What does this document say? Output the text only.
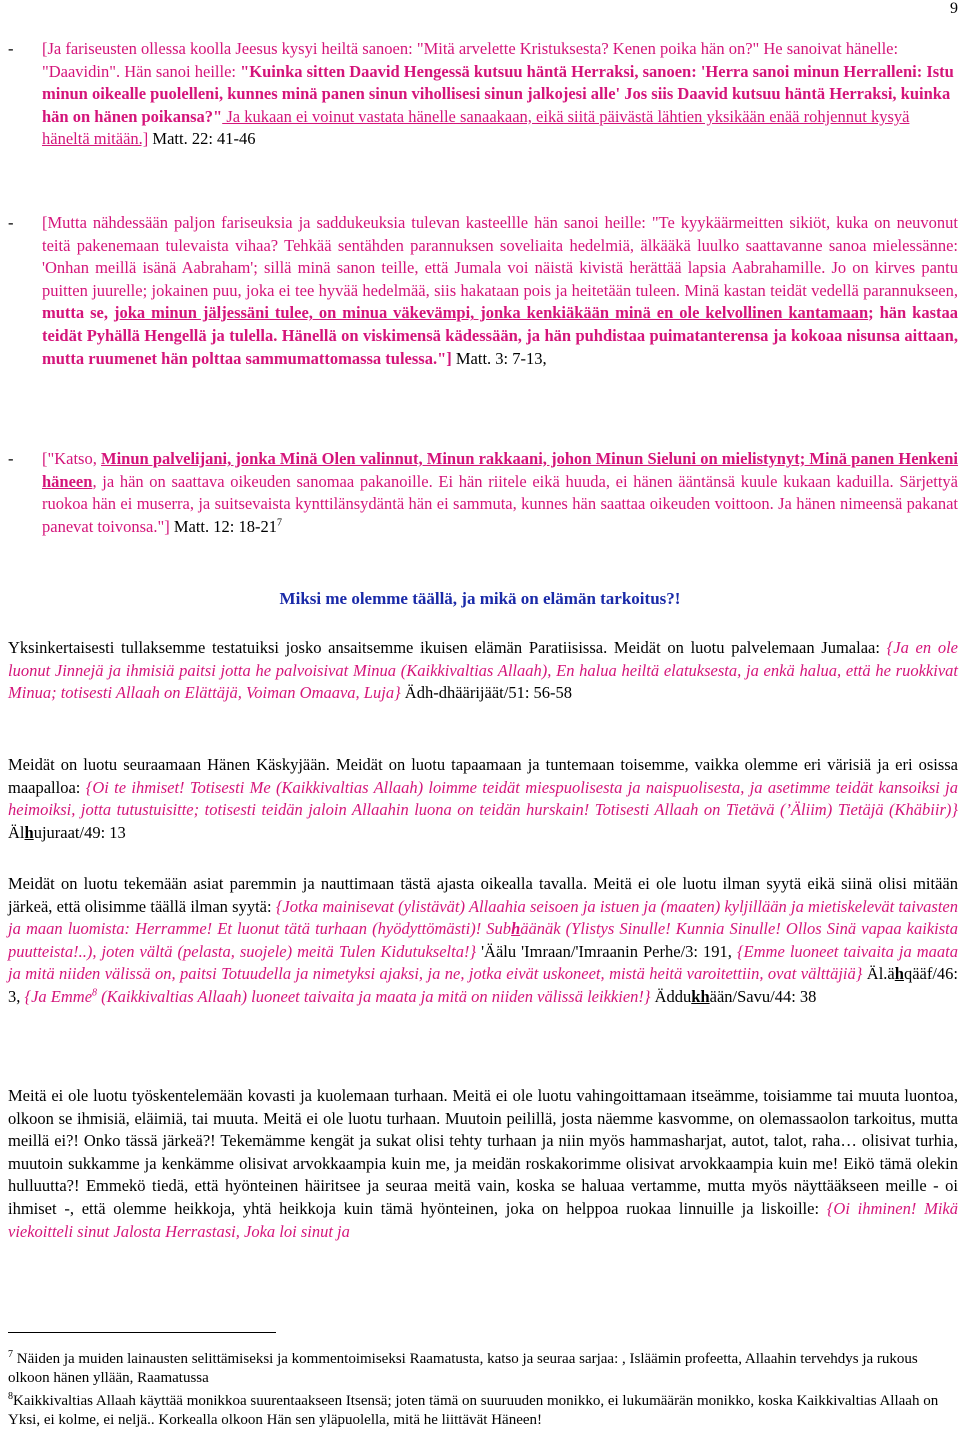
9
- [Ja fariseusten ollessa koolla Jeesus kysyi heiltä sanoen: "Mitä arvelette Kristuksesta? Kenen poika hän on?" He sanoivat hänelle: "Daavidin". Hän sanoi heille: "Kuinka sitten Daavid Hengessä kutsuu häntä Herraksi, sanoen: 'Herra sanoi minun Herralleni: Istu minun oikealle puolelleni, kunnes minä panen sinun vihollisesi sinun jalkojesi alle' Jos siis Daavid kutsuu häntä Herraksi, kuinka hän on hänen poikansa?" Ja kukaan ei voinut vastata hänelle sanaakaan, eikä siitä päivästä lähtien yksikään enää rohjennut kysyä häneltä mitään.] Matt. 22: 41-46
- [Mutta nähdessään paljon fariseuksia ja saddukeuksia tulevan kasteellle hän sanoi heille: "Te kyykäärmeitten sikiöt, kuka on neuvonut teitä pakenemaan tulevaista vihaa? Tehkää sentähden parannuksen soveliaita hedelmiä, älkääkä luulko saattavanne sanoa mielessänne: 'Onhan meillä isänä Aabraham'; sillä minä sanon teille, että Jumala voi näistä kivistä herättää lapsia Aabrahamille. Jo on kirves pantu puitten juurelle; jokainen puu, joka ei tee hyvää hedelmää, siis hakataan pois ja heitetään tuleen. Minä kastan teidät vedellä parannukseen, mutta se, joka minun jäljessäni tulee, on minua väkevämpi, jonka kenkiäkään minä en ole kelvollinen kantamaan; hän kastaa teidät Pyhällä Hengellä ja tulella. Hänellä on viskimensä kädessään, ja hän puhdistaa puimatanterensa ja kokoaa nisunsa aittaan, mutta ruumenet hän polttaa sammumattomassa tulessa."] Matt. 3: 7-13,
- ["Katso, Minun palvelijani, jonka Minä Olen valinnut, Minun rakkaani, johon Minun Sieluni on mielistynyt; Minä panen Henkeni häneen, ja hän on saattava oikeuden sanomaa pakanoille. Ei hän riitele eikä huuda, ei hänen ääntänsä kuule kukaan kaduilla. Särjettyä ruokoa hän ei muserra, ja suitsevaista kynttilänsydäntä hän ei sammuta, kunnes hän saattaa oikeuden voittoon. Ja hänen nimeensä pakanat panevat toivonsa."] Matt. 12: $18-21^7$
Miksi me olemme täällä, ja mikä on elämän tarkoitus?!
Yksinkertaisesti tullaksemme testatuiksi josko ansaitsemme ikuisen elämän Paratiisissa. Meidät on luotu palvelemaan Jumalaa: {Ja en ole luonut Jinnejä ja ihmisiä paitsi jotta he palvoisivat Minua (Kaikkivaltias Allaah), En halua heiltä elatuksesta, ja enkä halua, että he ruokkivat Minua; totisesti Allaah on Elättäjä, Voiman Omaava, Luja} Ädh-dhäärijäät/51: 56-58
Meidät on luotu seuraamaan Hänen Käskyjään. Meidät on luotu tapaamaan ja tuntemaan toisemme, vaikka olemme eri värisiä ja eri osissa maapalloa: {Oi te ihmiset! Totisesti Me (Kaikkivaltias Allaah) loimme teidät miespuolisesta ja naispuolisesta, ja asetimme teidät kansoiksi ja heimoiksi, jotta tutustuisitte; totisesti teidän jaloin Allaahin luona on teidän hurskain! Totisesti Allaah on Tietävä (’Äliim) Tietäjä (Khäbiir)} Älhujuraat/49: 13
Meidät on luotu tekemään asiat paremmin ja nauttimaan tästä ajasta oikealla tavalla. Meitä ei ole luotu ilman syytä eikä siinä olisi mitään järkeä, että olisimme täällä ilman syytä: {Jotka mainisevat (ylistävät) Allaahia seisoen ja istuen ja (maaten) kyljillään ja mietiskelevät taivasten ja maan luomista: Herramme! Et luonut tätä turhaan (hyödyttömästi)! Subhäänäk (Ylistys Sinulle! Kunnia Sinulle! Ollos Sinä vapaa kaikista puutteista!..), joten vältä (pelasta, suojele) meitä Tulen Kidutukselta!} 'Äälu 'Imraan/'Imraanin Perhe/3: 191, {Emme luoneet taivaita ja maata ja mitä niiden välissä on, paitsi Totuudella ja nimetyksi ajaksi, ja ne, jotka eivät uskoneet, mistä heitä varoitettiin, ovat välttäjiä} Äl.ähqääf/46: 3, {Ja Emme$^8$ (Kaikkivaltias Allaah) luoneet taivaita ja maata ja mitä on niiden välissä leikkien!} Äddukhään/Savu/44: 38
Meitä ei ole luotu työskentelemään kovasti ja kuolemaan turhaan. Meitä ei ole luotu vahingoittamaan itseämme, toisiamme tai muuta luontoa, olkoon se ihmisiä, eläimiä, tai muuta. Meitä ei ole luotu turhaan. Muutoin peilillä, josta näemme kasvomme, on olemassaolon tarkoitus, mutta meillä ei?! Onko tässä järkeä?! Tekemämme kengät ja sukat olisi tehty turhaan ja niin myös hammasharjat, autot, talot, raha… olisivat turhia, muutoin sukkamme ja kenkämme olisivat arvokkaampia kuin me, ja meidän roskakorimme olisivat arvokkaampia kuin me! Eikö tämä olekin hulluutta?! Emmekö tiedä, että hyönteinen häiritsee ja seuraa meitä vain, koska se haluaa vertamme, mutta myös näyttääkseen meille - oi ihmiset -, että olemme heikkoja, yhtä heikkoja kuin tämä hyönteinen, joka on helppoa ruokaa linnuille ja liskoille: {Oi ihminen! Mikä viekoitteli sinut Jalosta Herrastasi, Joka loi sinut ja
$^7$ Näiden ja muiden lainausten selittämiseksi ja kommentoimiseksi Raamatusta, katso ja seuraa sarjaa: , Isläämin profeetta, Allaahin tervehdys ja rukous olkoon hänen yllään, Raamatussa
$^8$Kaikkivaltias Allaah käyttää monikkoa suurentaakseen Itsensä; joten tämä on suuruuden monikko, ei lukumäärän monikko, koska Kaikkivaltias Allaah on Yksi, ei kolme, ei neljä.. Korkealla olkoon Hän sen yläpuolella, mitä he liittävät Häneen!
